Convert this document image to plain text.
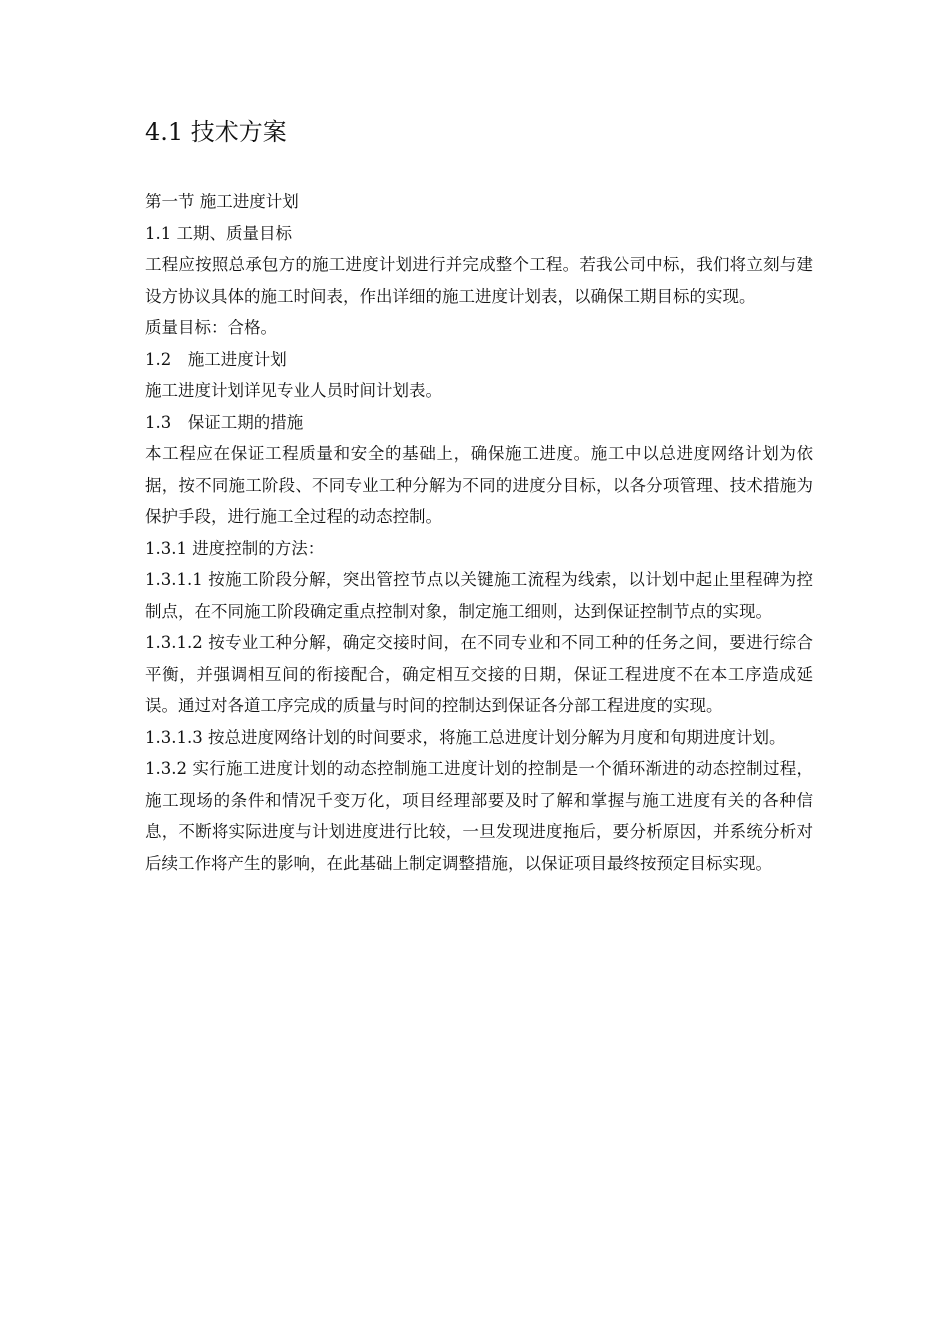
4.1 技术方案

第一节 施工进度计划

1.1 工期、质量目标

工程应按照总承包方的施工进度计划进行并完成整个工程。若我公司中标，我们将立刻与建设方协议具体的施工时间表，作出详细的施工进度计划表，以确保工期目标的实现。

质量目标：合格。

1.2　施工进度计划

施工进度计划详见专业人员时间计划表。

1.3　保证工期的措施

本工程应在保证工程质量和安全的基础上，确保施工进度。施工中以总进度网络计划为依据，按不同施工阶段、不同专业工种分解为不同的进度分目标，以各分项管理、技术措施为保护手段，进行施工全过程的动态控制。

1.3.1 进度控制的方法：

1.3.1.1 按施工阶段分解，突出管控节点以关键施工流程为线索，以计划中起止里程碑为控制点，在不同施工阶段确定重点控制对象，制定施工细则，达到保证控制节点的实现。

1.3.1.2 按专业工种分解，确定交接时间，在不同专业和不同工种的任务之间，要进行综合平衡，并强调相互间的衔接配合，确定相互交接的日期，保证工程进度不在本工序造成延误。通过对各道工序完成的质量与时间的控制达到保证各分部工程进度的实现。

1.3.1.3 按总进度网络计划的时间要求，将施工总进度计划分解为月度和旬期进度计划。

1.3.2 实行施工进度计划的动态控制施工进度计划的控制是一个循环渐进的动态控制过程，施工现场的条件和情况千变万化，项目经理部要及时了解和掌握与施工进度有关的各种信息，不断将实际进度与计划进度进行比较，一旦发现进度拖后，要分析原因，并系统分析对后续工作将产生的影响，在此基础上制定调整措施，以保证项目最终按预定目标实现。
